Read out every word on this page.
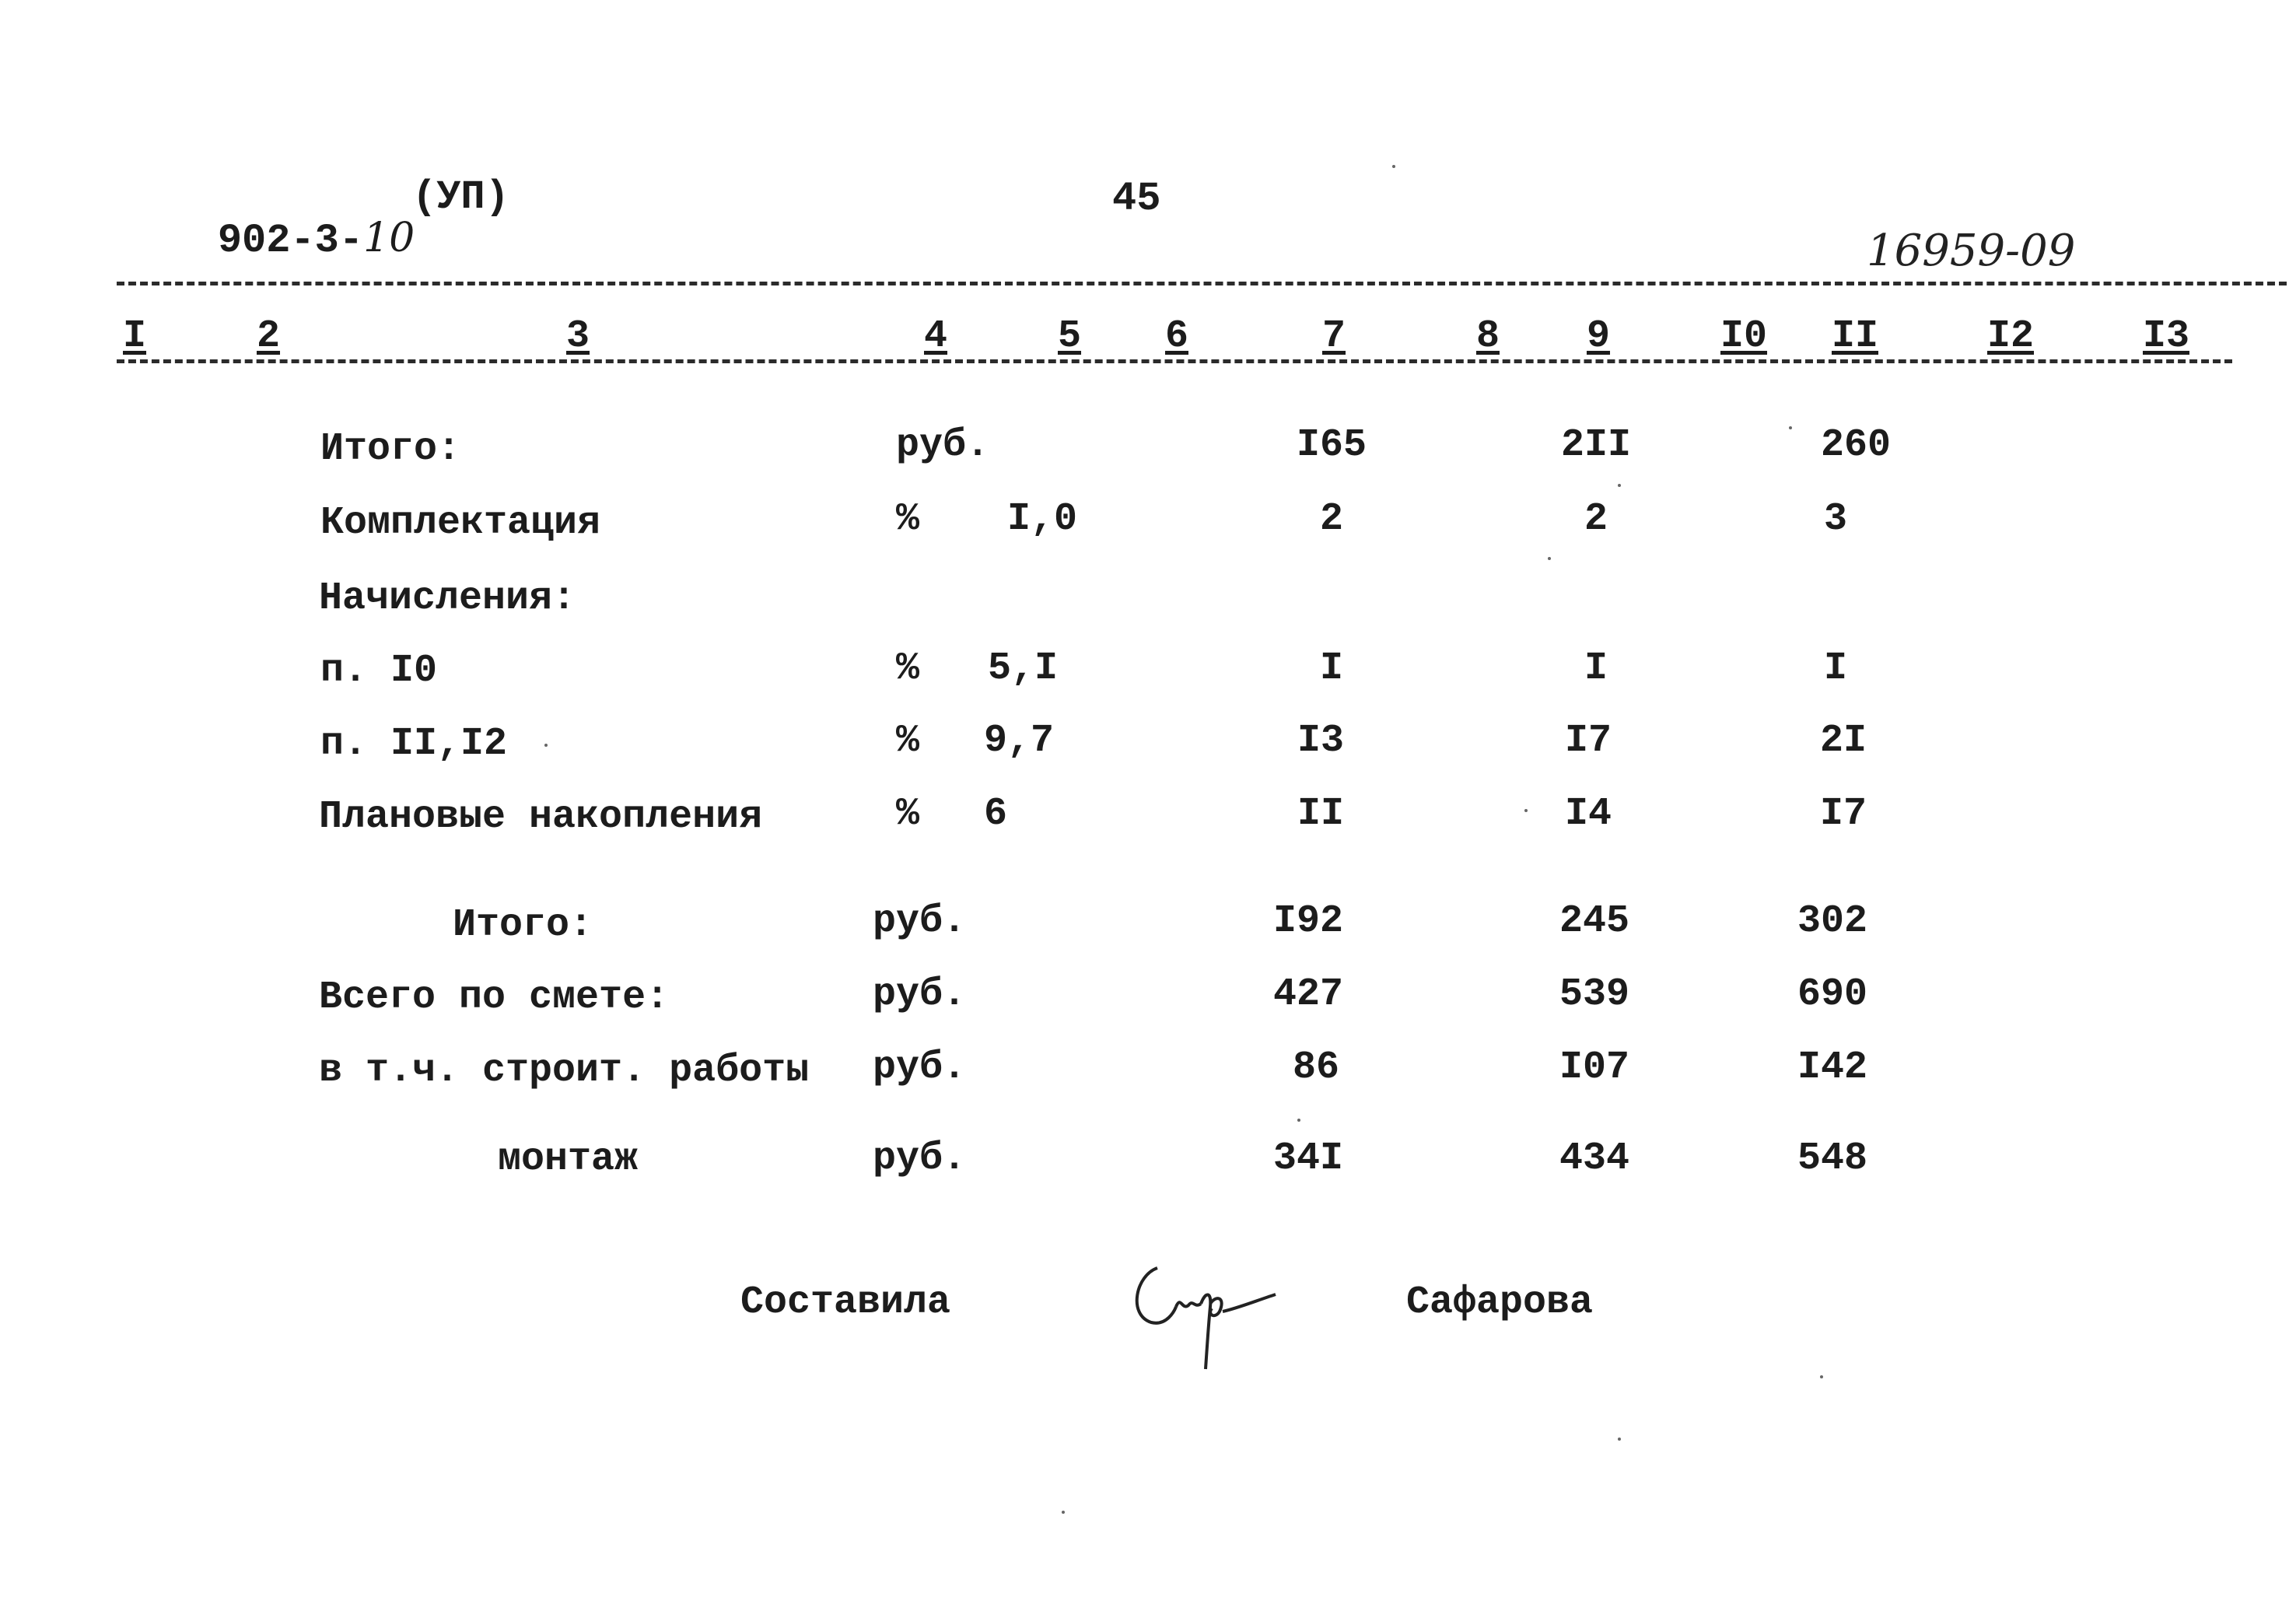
902-3-10

(УП)	45
16959-09
I	2	3	4	5 6	7	8 9	I0 II	I2	I3
Итого:	руб.	I65	2II	260
Комплектация	% I,0	2	2	3
Начисления:
п. I0	% 5,I	I	I	I
п. II,I2	% 9,7	I3	I7	2I
Плановые накопления	% 6	II	I4	I7
Итого:	руб.	I92	245	302
Всего по смете:	руб.	427	539	690
в т.ч. строит. работы руб.	86	I07	I42
монтаж	руб.	34I	434	548
Составила	Сафарова
